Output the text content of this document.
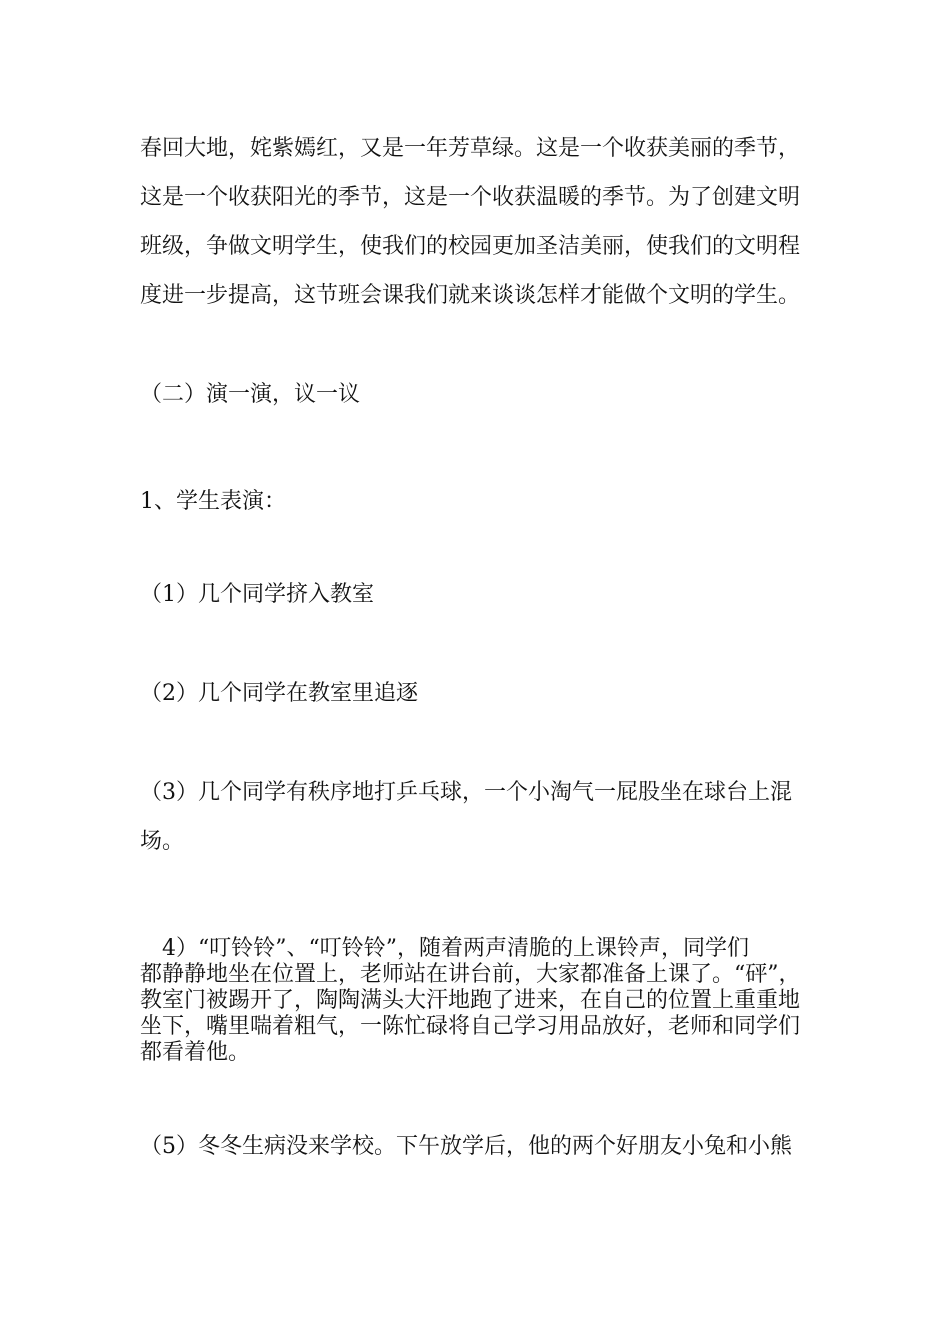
春回大地，姹紫嫣红，又是一年芳草绿。这是一个收获美丽的季节，
这是一个收获阳光的季节，这是一个收获温暖的季节。为了创建文明
班级，争做文明学生，使我们的校园更加圣洁美丽，使我们的文明程
度进一步提高，这节班会课我们就来谈谈怎样才能做个文明的学生。
（二）演一演，议一议
1、学生表演：
（1）几个同学挤入教室
（2）几个同学在教室里追逐
（3）几个同学有秩序地打乒乓球，一个小淘气一屁股坐在球台上混
场。
4）“叮铃铃”、“叮铃铃”，随着两声清脆的上课铃声，同学们
都静静地坐在位置上，老师站在讲台前，大家都准备上课了。“砰”，
教室门被踢开了，陶陶满头大汗地跑了进来，在自己的位置上重重地
坐下，嘴里喘着粗气，一陈忙碌将自己学习用品放好，老师和同学们
都看着他。
（5）冬冬生病没来学校。下午放学后，他的两个好朋友小兔和小熊
